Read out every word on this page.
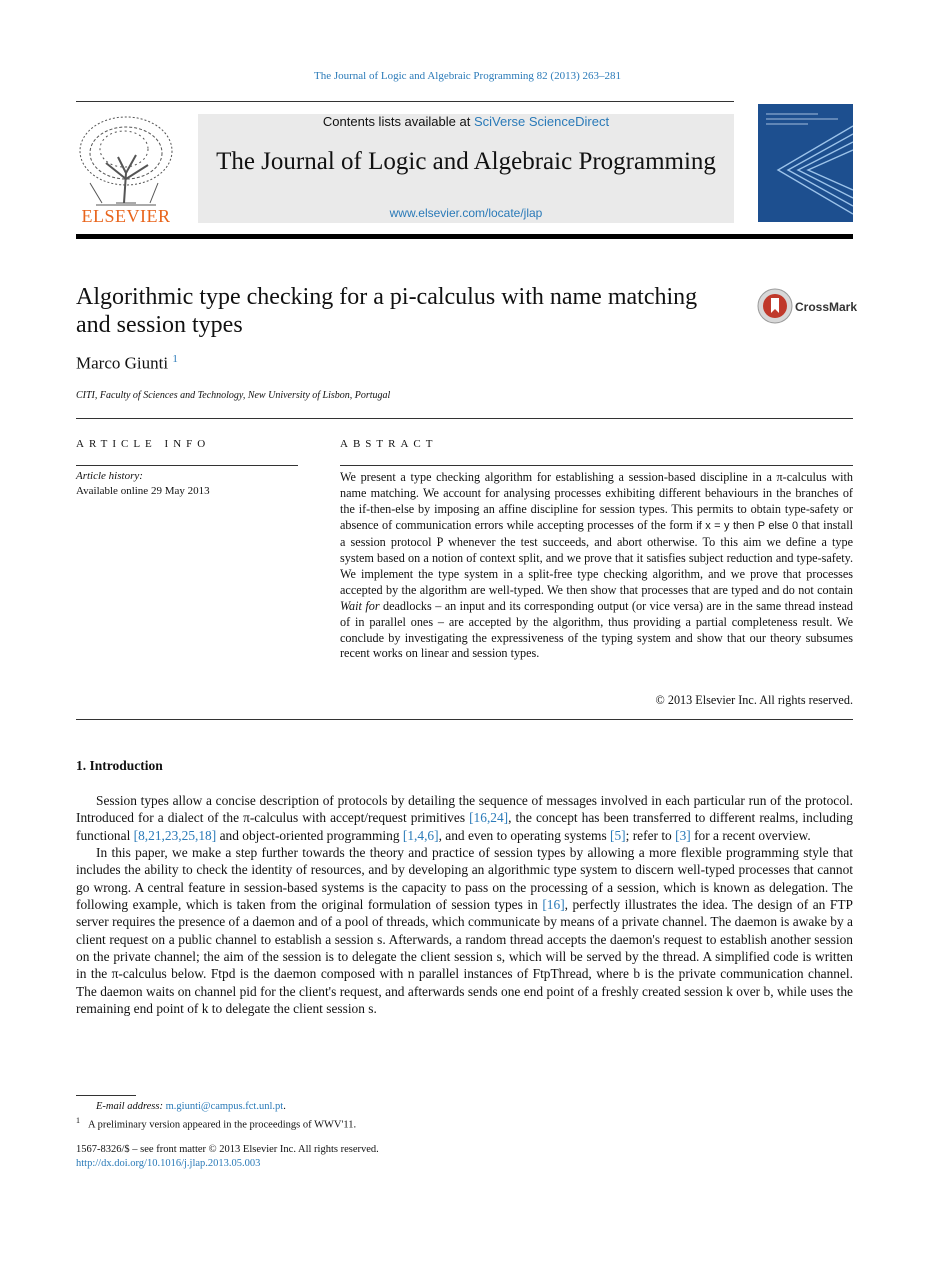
The Journal of Logic and Algebraic Programming 82 (2013) 263–281
ELSEVIER
Contents lists available at SciVerse ScienceDirect
The Journal of Logic and Algebraic Programming
www.elsevier.com/locate/jlap
Algorithmic type checking for a pi-calculus with name matching and session types
CrossMark
Marco Giunti $^1$
CITI, Faculty of Sciences and Technology, New University of Lisbon, Portugal
ARTICLE INFO	ABSTRACT
Article history:
Available online 29 May 2013
We present a type checking algorithm for establishing a session-based discipline in a π-calculus with name matching. We account for analysing processes exhibiting different behaviours in the branches of the if-then-else by imposing an affine discipline for session types. This permits to obtain type-safety or absence of communication errors while accepting processes of the form if x = y then P else 0 that install a session protocol P whenever the test succeeds, and abort otherwise. To this aim we define a type system based on a notion of context split, and we prove that it satisfies subject reduction and type-safety. We implement the type system in a split-free type checking algorithm, and we prove that processes accepted by the algorithm are well-typed. We then show that processes that are typed and do not contain Wait for deadlocks – an input and its corresponding output (or vice versa) are in the same thread instead of in parallel ones – are accepted by the algorithm, thus providing a partial completeness result. We conclude by investigating the expressiveness of the typing system and show that our theory subsumes recent works on linear and session types.
© 2013 Elsevier Inc. All rights reserved.
1. Introduction

Session types allow a concise description of protocols by detailing the sequence of messages involved in each particular run of the protocol. Introduced for a dialect of the π-calculus with accept/request primitives [16,24], the concept has been transferred to different realms, including functional [8,21,23,25,18] and object-oriented programming [1,4,6], and even to operating systems [5]; refer to [3] for a recent overview.

In this paper, we make a step further towards the theory and practice of session types by allowing a more flexible programming style that includes the ability to check the identity of resources, and by developing an algorithmic type system to discern well-typed processes that cannot go wrong. A central feature in session-based systems is the capacity to pass on the processing of a session, which is known as delegation. The following example, which is taken from the original formulation of session types in [16], perfectly illustrates the idea. The design of an FTP server requires the presence of a daemon and of a pool of threads, which communicate by means of a private channel. The daemon is awake by a client request on a public channel to establish a session s. Afterwards, a random thread accepts the daemon's request to establish another session on the private channel; the aim of the session is to delegate the client session s, which will be served by the thread. A simplified code is written in the π-calculus below. Ftpd is the daemon composed with n parallel instances of FtpThread, where b is the private communication channel. The daemon waits on channel pid for the client's request, and afterwards sends one end point of a freshly created session k over b, while uses the remaining end point of k to delegate the client session s.

E-mail address: m.giunti@campus.fct.unl.pt.
$^1$ A preliminary version appeared in the proceedings of WWV'11.
1567-8326/$ – see front matter © 2013 Elsevier Inc. All rights reserved.
http://dx.doi.org/10.1016/j.jlap.2013.05.003
